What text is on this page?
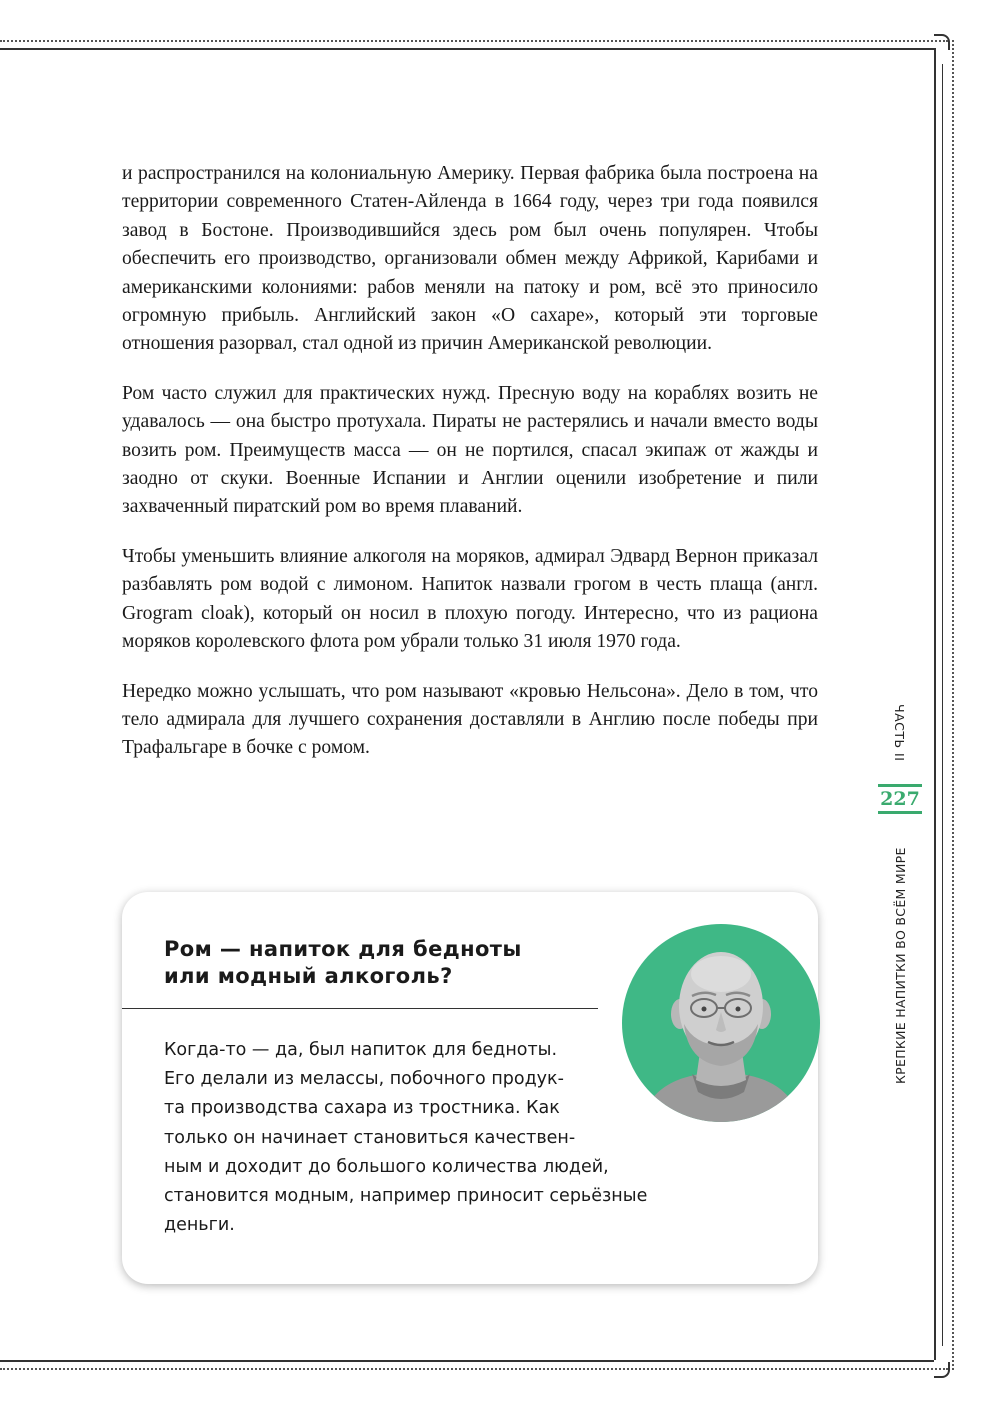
и распространился на колониальную Америку. Первая фабрика была построена на территории современного Статен-Айленда в 1664 году, через три года появился завод в Бостоне. Производившийся здесь ром был очень популярен. Чтобы обеспечить его производство, организовали обмен между Африкой, Карибами и американскими колониями: рабов меняли на патоку и ром, всё это приносило огромную прибыль. Английский закон «О сахаре», который эти торговые отношения разорвал, стал одной из причин Американской революции.

Ром часто служил для практических нужд. Пресную воду на кораблях возить не удавалось — она быстро протухала. Пираты не растерялись и начали вместо воды возить ром. Преимуществ масса — он не портился, спасал экипаж от жажды и заодно от скуки. Военные Испании и Англии оценили изобретение и пили захваченный пиратский ром во время плаваний.

Чтобы уменьшить влияние алкоголя на моряков, адмирал Эдвард Вернон приказал разбавлять ром водой с лимоном. Напиток назвали грогом в честь плаща (англ. Grogram cloak), который он носил в плохую погоду. Интересно, что из рациона моряков королевского флота ром убрали только 31 июля 1970 года.

Нередко можно услышать, что ром называют «кровью Нельсона». Дело в том, что тело адмирала для лучшего сохранения доставляли в Англию после победы при Трафальгаре в бочке с ромом.	ЧАСТЬ II
227
КРЕПКИЕ НАПИТКИ ВО ВСЁМ МИРЕ
Ром — напиток для бедноты
или модный алкоголь?
Когда-то — да, был напиток для бедноты.
Его делали из мелассы, побочного продук-
та производства сахара из тростника. Как
только он начинает становиться качествен-
ным и доходит до большого количества людей,
становится модным, например приносит серьёзные
деньги.
